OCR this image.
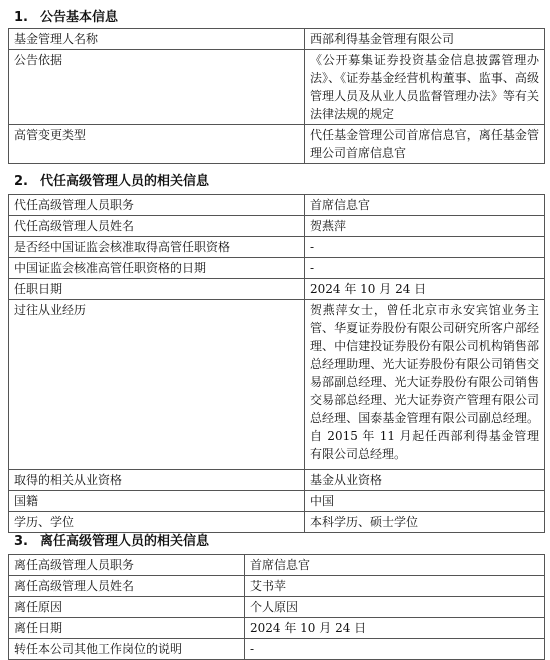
1. 公告基本信息
基金管理人名称	西部利得基金管理有限公司
公告依据	《公开募集证券投资基金信息披露管理办法》、《证券基金经营机构董事、监事、高级管理人员及从业人员监督管理办法》等有关法律法规的规定
高管变更类型	代任基金管理公司首席信息官，离任基金管理公司首席信息官
2. 代任高级管理人员的相关信息
代任高级管理人员职务	首席信息官
代任高级管理人员姓名	贺燕萍
是否经中国证监会核准取得高管任职资格	-
中国证监会核准高管任职资格的日期	-
任职日期	2024 年 10 月 24 日
过往从业经历	贺燕萍女士，曾任北京市永安宾馆业务主管、华夏证券股份有限公司研究所客户部经理、中信建投证券股份有限公司机构销售部总经理助理、光大证券股份有限公司销售交易部副总经理、光大证券股份有限公司销售交易部总经理、光大证券资产管理有限公司总经理、国泰基金管理有限公司副总经理。自 2015 年 11 月起任西部利得基金管理有限公司总经理。
取得的相关从业资格	基金从业资格
国籍	中国
学历、学位	本科学历、硕士学位
3. 离任高级管理人员的相关信息
离任高级管理人员职务	首席信息官
离任高级管理人员姓名	艾书苹
离任原因	个人原因
离任日期	2024 年 10 月 24 日
转任本公司其他工作岗位的说明	-
